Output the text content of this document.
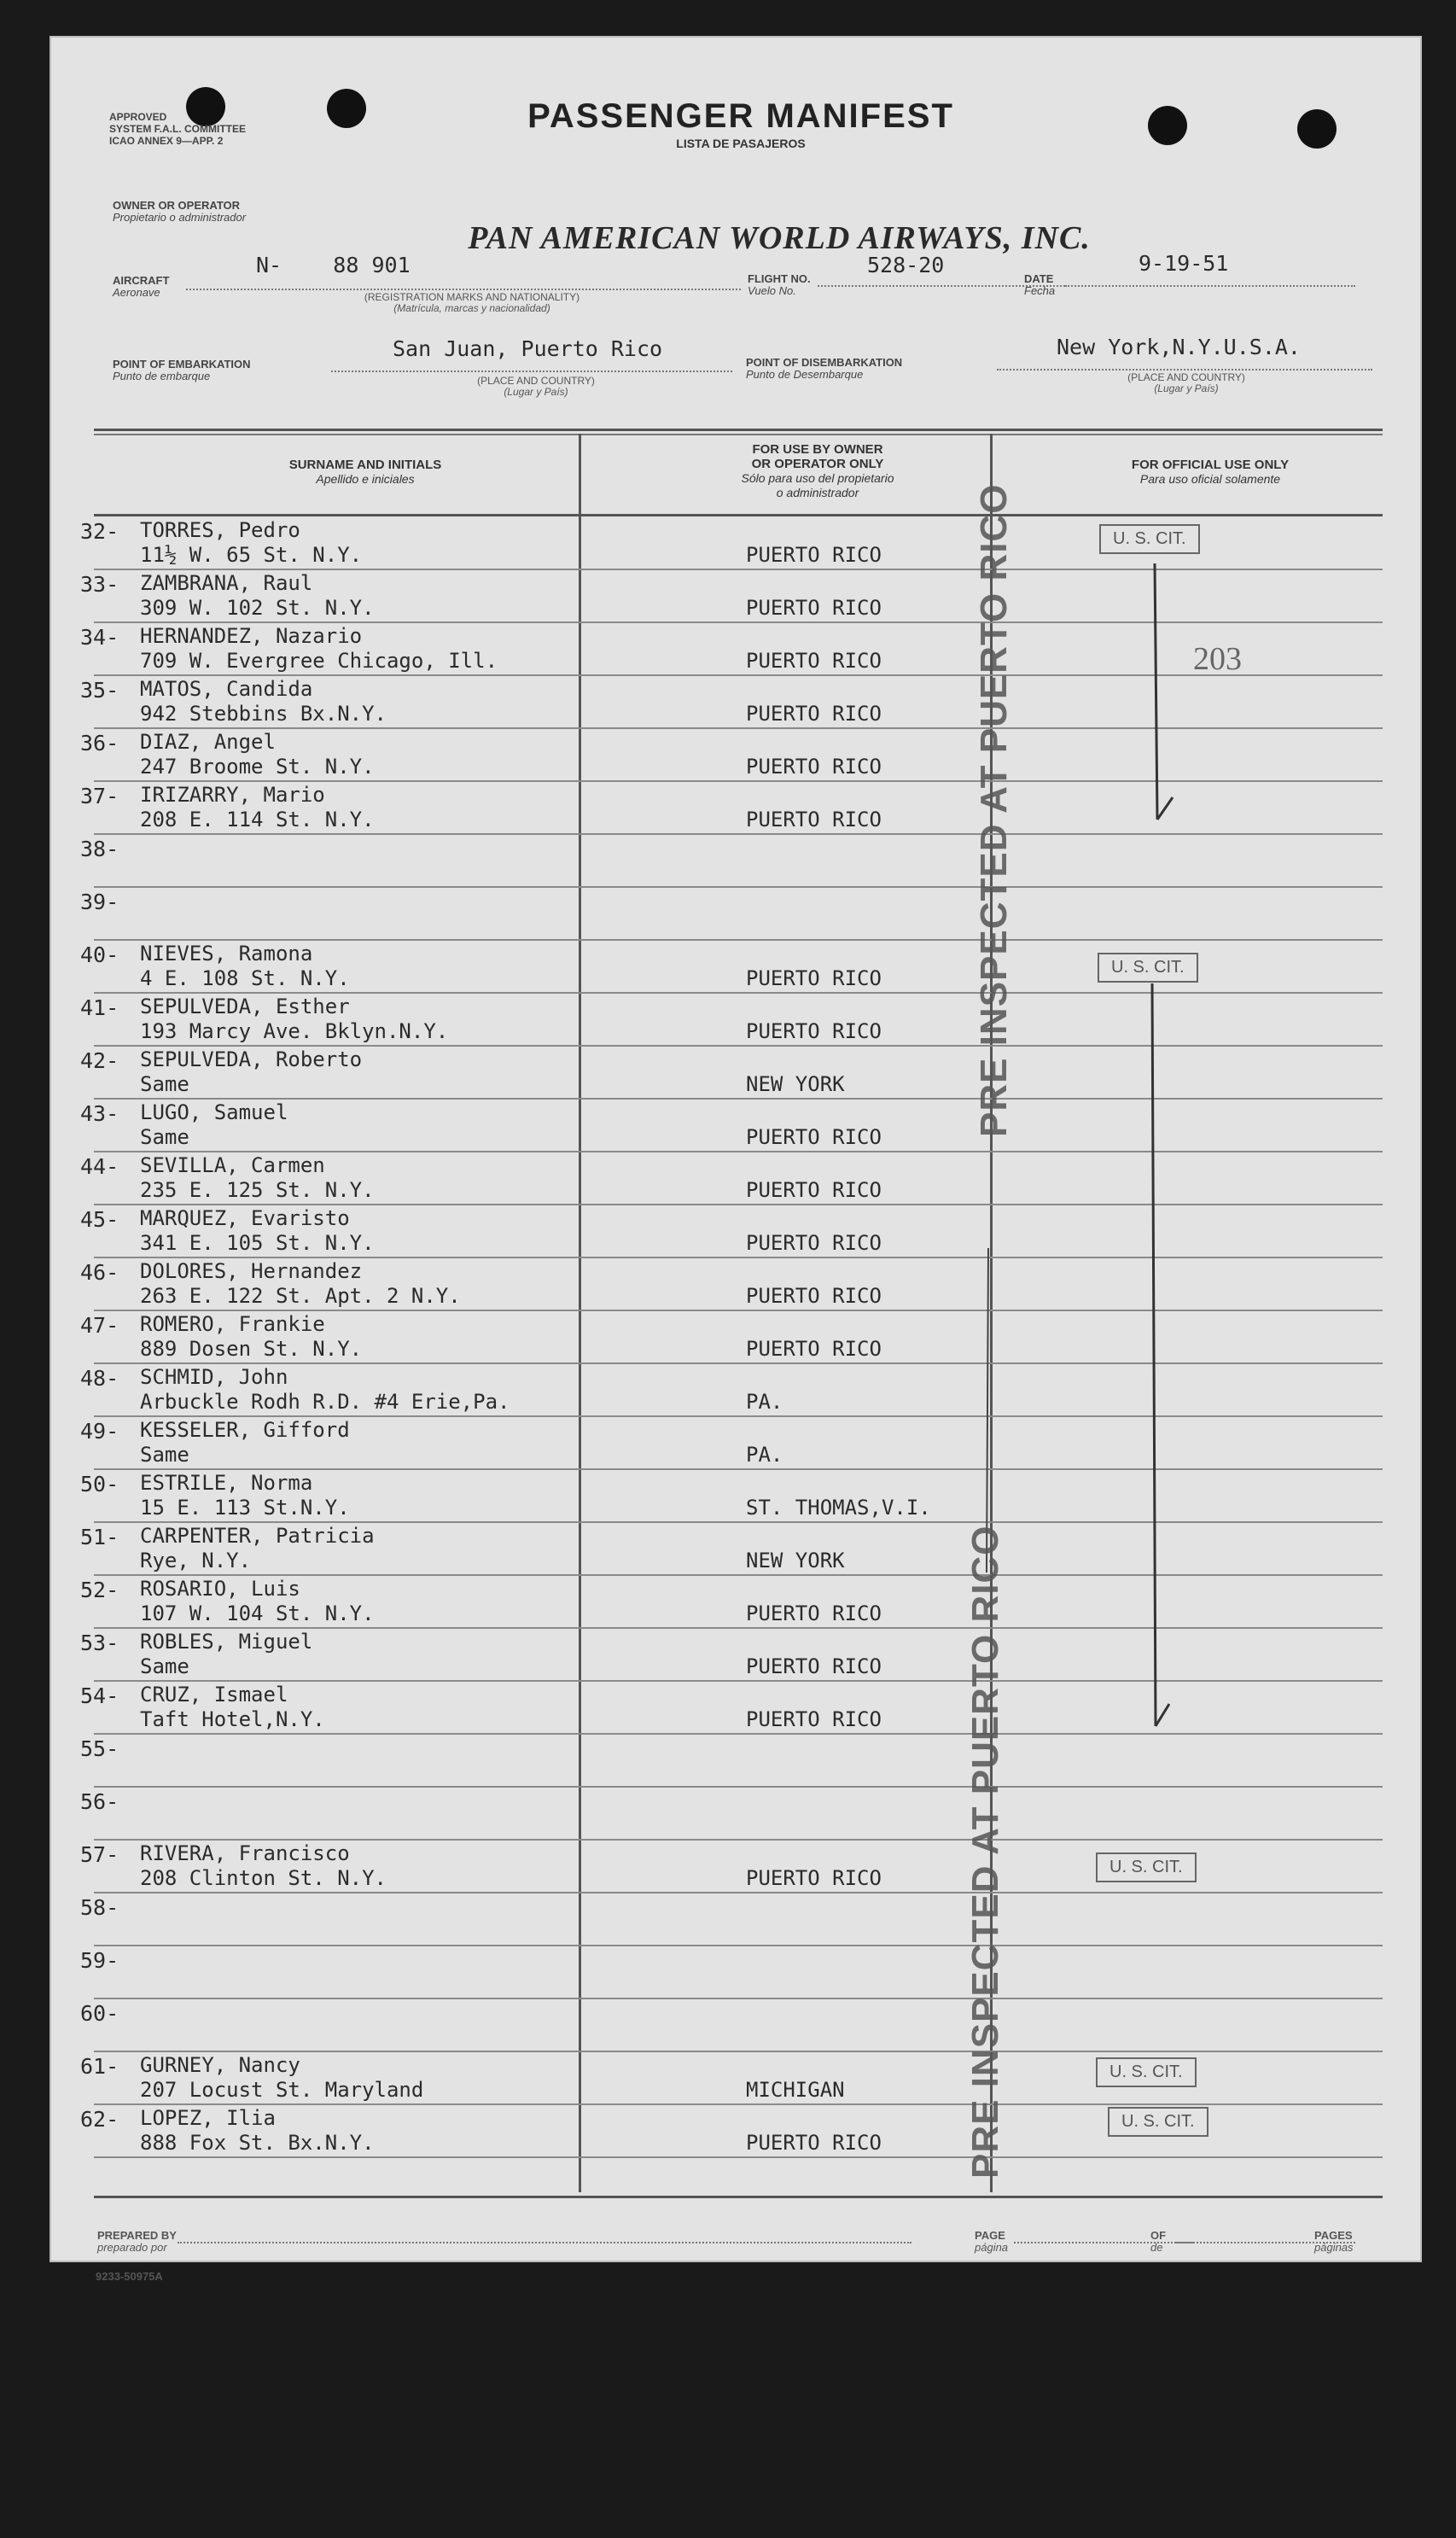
APPROVED
SYSTEM F.A.L. COMMITTEE
ICAO ANNEX 9—APP. 2
PASSENGER MANIFEST
LISTA DE PASAJEROS
OWNER OR OPERATOR
Propietario o administrador
PAN AMERICAN WORLD AIRWAYS, INC.
AIRCRAFT
Aeronave
N-    88 901
(REGISTRATION MARKS AND NATIONALITY)
(Matrícula, marcas y nacionalidad)
FLIGHT NO.
Vuelo No.
528-20
DATE
Fecha
9-19-51
POINT OF EMBARKATION
Punto de embarque
San Juan, Puerto Rico
(PLACE AND COUNTRY)
(Lugar y País)
POINT OF DISEMBARKATION
Punto de Desembarque
New York,N.Y.U.S.A.
(PLACE AND COUNTRY)
(Lugar y País)
SURNAME AND INITIALS
Apellido e iniciales
FOR USE BY OWNER
OR OPERATOR ONLY
Sólo para uso del propietario
o administrador
FOR OFFICIAL USE ONLY
Para uso oficial solamente
32- TORRES, Pedro
11½ W. 65 St. N.Y.	PUERTO RICO
33- ZAMBRANA, Raul
309 W. 102 St. N.Y.	PUERTO RICO
34- HERNANDEZ, Nazario
709 W. Evergree Chicago, Ill.	PUERTO RICO
35- MATOS, Candida
942 Stebbins Bx.N.Y.	PUERTO RICO
36- DIAZ, Angel
247 Broome St. N.Y.	PUERTO RICO
37- IRIZARRY, Mario
208 E. 114 St. N.Y.	PUERTO RICO
38-
39-
40- NIEVES, Ramona
4 E. 108 St. N.Y.	PUERTO RICO
41- SEPULVEDA, Esther
193 Marcy Ave. Bklyn.N.Y.	PUERTO RICO
42- SEPULVEDA, Roberto
Same	NEW YORK
43- LUGO, Samuel
Same	PUERTO RICO
44- SEVILLA, Carmen
235 E. 125 St. N.Y.	PUERTO RICO
45- MARQUEZ, Evaristo
341 E. 105 St. N.Y.	PUERTO RICO
46- DOLORES, Hernandez
263 E. 122 St. Apt. 2 N.Y.	PUERTO RICO
47- ROMERO, Frankie
889 Dosen St. N.Y.	PUERTO RICO
48- SCHMID, John
Arbuckle Rodh R.D. #4 Erie,Pa.	PA.
49- KESSELER, Gifford
Same	PA.
50- ESTRILE, Norma
15 E. 113 St.N.Y.	ST. THOMAS,V.I.
51- CARPENTER, Patricia
Rye, N.Y.	NEW YORK
52- ROSARIO, Luis
107 W. 104 St. N.Y.	PUERTO RICO
53- ROBLES, Miguel
Same	PUERTO RICO
54- CRUZ, Ismael
Taft Hotel,N.Y.	PUERTO RICO
55-
56-
57- RIVERA, Francisco
208 Clinton St. N.Y.	PUERTO RICO
58-
59-
60-
61- GURNEY, Nancy
207 Locust St. Maryland	MICHIGAN
62- LOPEZ, Ilia
888 Fox St. Bx.N.Y.	PUERTO RICO
U. S. CIT.
U. S. CIT.
U. S. CIT.
U. S. CIT.
U. S. CIT.
203
PRE INSPECTED AT PUERTO RICO
PRE INSPECTED AT PUERTO RICO
PREPARED BY
preparado por
PAGE
página
OF
de
PAGES
páginas
9233-50975A
